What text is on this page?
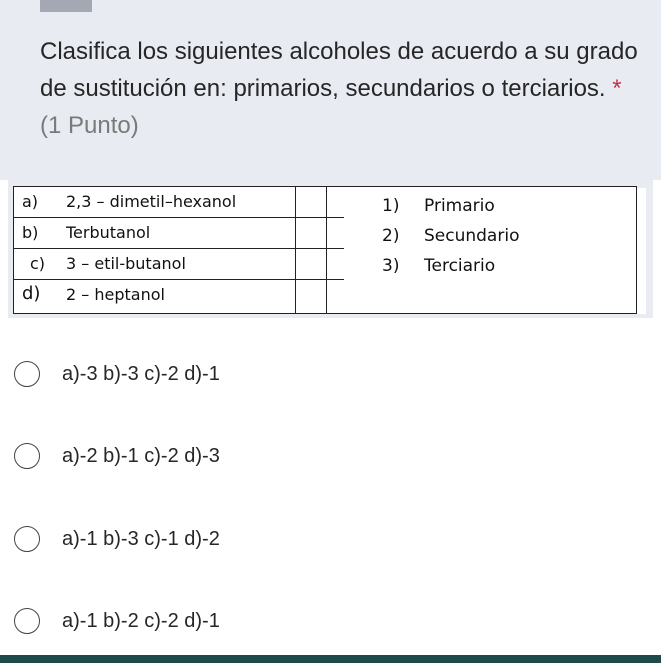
Clasifica los siguientes alcoholes de acuerdo a su grado de sustitución en: primarios, secundarios o terciarios. * (1 Punto)
a) 2,3 – dimetil–hexanol
b) Terbutanol
c) 3 – etil-butanol
d) 2 – heptanol
1) Primario
2) Secundario
3) Terciario
a)-3 b)-3 c)-2 d)-1
a)-2 b)-1 c)-2 d)-3
a)-1 b)-3 c)-1 d)-2
a)-1 b)-2 c)-2 d)-1
